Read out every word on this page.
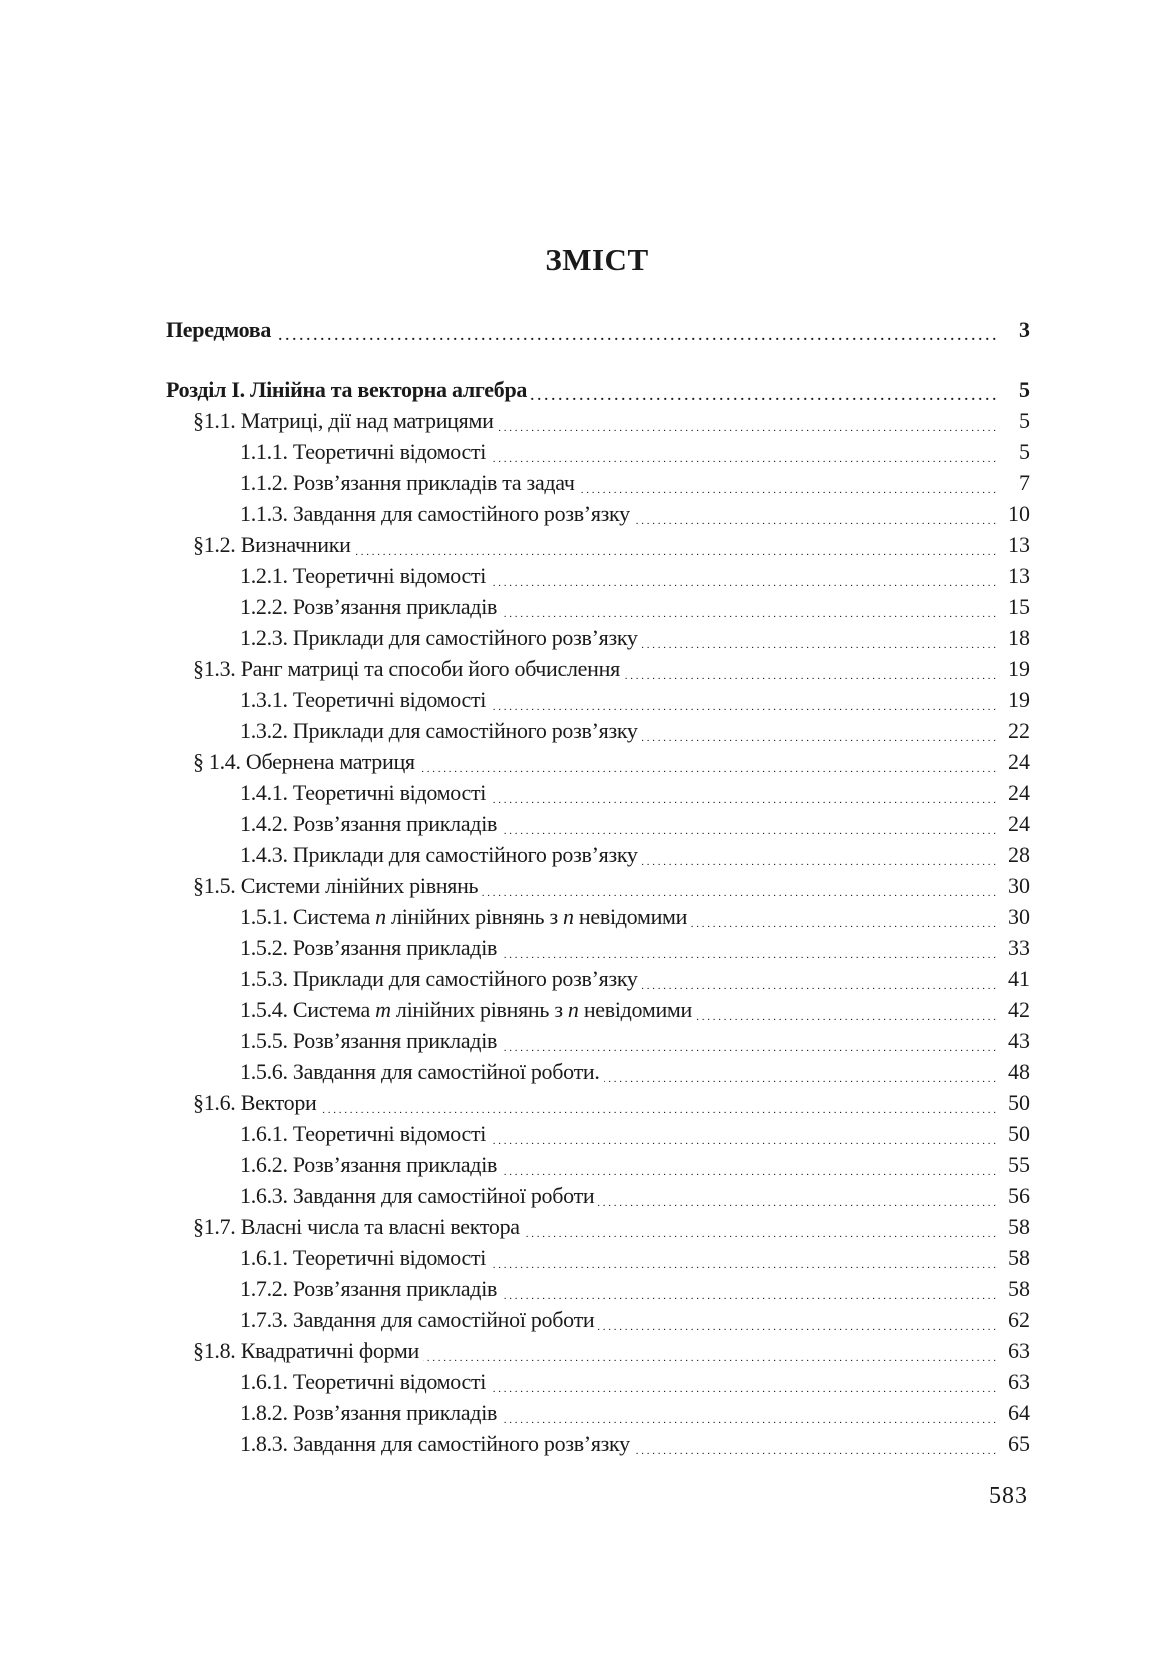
ЗМІСТ
Передмова . . .	3
Розділ І. Лінійна та векторна алгебра . . .	5
§1.1. Матриці, дії над матрицями . . .	5
1.1.1. Теоретичні відомості . . .	5
1.1.2. Розв’язання прикладів та задач . . .	7
1.1.3. Завдання для самостійного розв’язку . . .	10
§1.2. Визначники . . .	13
1.2.1. Теоретичні відомості . . .	13
1.2.2. Розв’язання прикладів . . .	15
1.2.3. Приклади для самостійного розв’язку . . .	18
§1.3. Ранг матриці та способи його обчислення . . .	19
1.3.1. Теоретичні відомості . . .	19
1.3.2. Приклади для самостійного розв’язку . . .	22
§ 1.4. Обернена матриця . . .	24
1.4.1. Теоретичні відомості . . .	24
1.4.2. Розв’язання прикладів . . .	24
1.4.3. Приклади для самостійного розв’язку . . .	28
§1.5. Системи лінійних рівнянь . . .	30
1.5.1. Система n лінійних рівнянь з n невідомими . . .	30
1.5.2. Розв’язання прикладів . . .	33
1.5.3. Приклади для самостійного розв’язку . . .	41
1.5.4. Система m лінійних рівнянь з n невідомими . . .	42
1.5.5. Розв’язання прикладів . . .	43
1.5.6. Завдання для самостійної роботи. . . .	48
§1.6. Вектори . . .	50
1.6.1. Теоретичні відомості . . .	50
1.6.2. Розв’язання прикладів . . .	55
1.6.3. Завдання для самостійної роботи . . .	56
§1.7. Власні числа та власні вектора . . .	58
1.6.1. Теоретичні відомості . . .	58
1.7.2. Розв’язання прикладів . . .	58
1.7.3. Завдання для самостійної роботи . . .	62
§1.8. Квадратичні форми . . .	63
1.6.1. Теоретичні відомості . . .	63
1.8.2. Розв’язання прикладів . . .	64
1.8.3. Завдання для самостійного розв’язку . . .	65
583
